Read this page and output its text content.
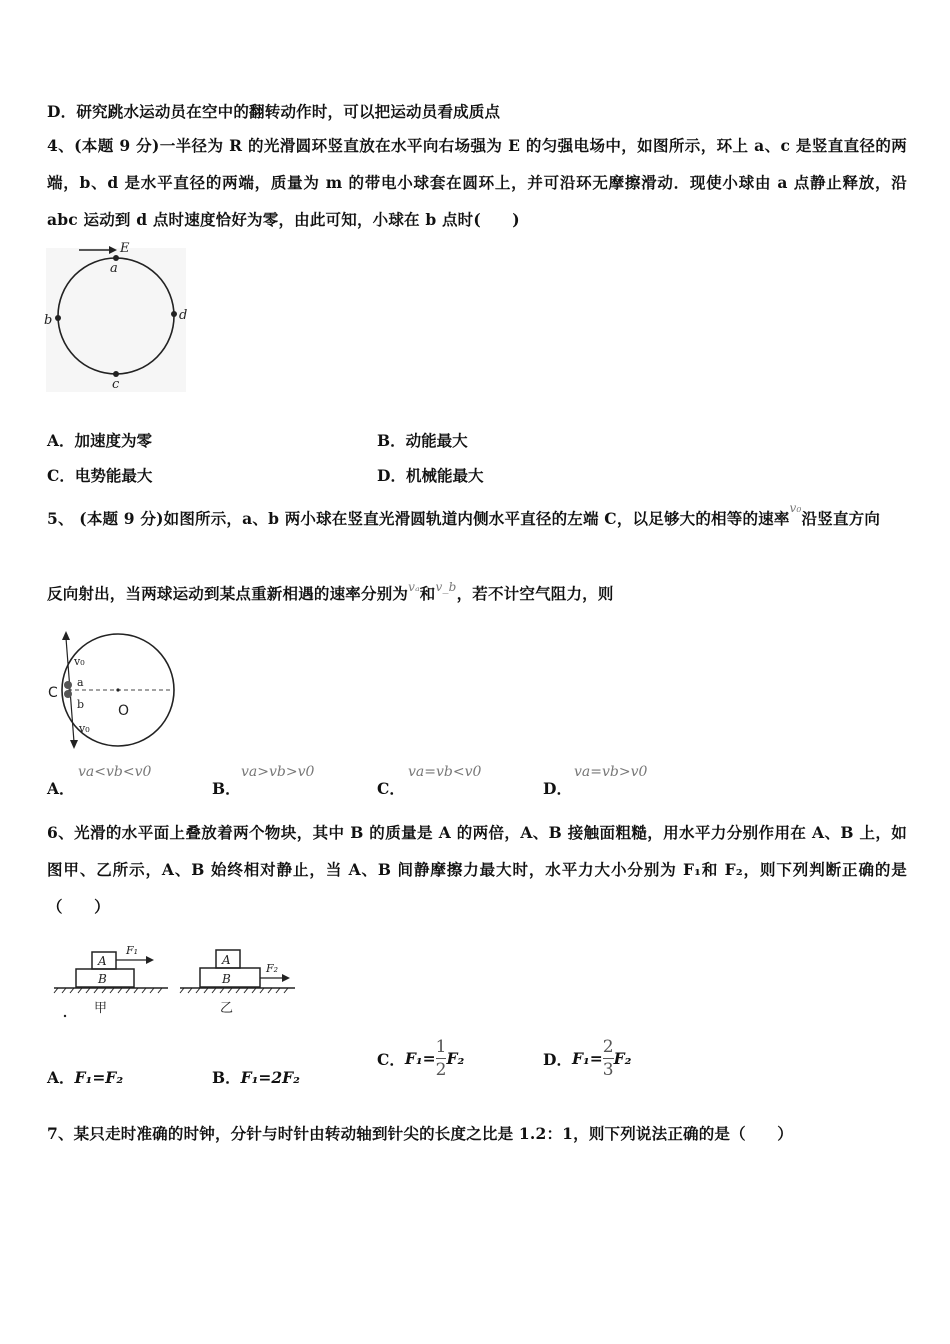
D．研究跳水运动员在空中的翻转动作时，可以把运动员看成质点
4、(本题 9 分)一半径为 R 的光滑圆环竖直放在水平向右场强为 E 的匀强电场中，如图所示，环上 a、c 是竖直直径的两端，b、d 是水平直径的两端，质量为 m 的带电小球套在圆环上，并可沿环无摩擦滑动．现使小球由 a 点静止释放，沿 abc 运动到 d 点时速度恰好为零，由此可知，小球在 b 点时(　　)
E
a
b	d
c
A．加速度为零	B．动能最大
C．电势能最大	D．机械能最大
5、 (本题 9 分)如图所示，a、b 两小球在竖直光滑圆轨道内侧水平直径的左端 C，以足够大的相等的速率$^{v_0}$沿竖直方向
反向射出，当两球运动到某点重新相遇的速率分别为$^{v_a}$和$^{v\_b}$，若不计空气阻力，则
v₀
a
b
C
O
v₀
A．
va<vb<v0
B．
va>vb>v0
C．
va=vb<v0
D．
va=vb>v0
6、光滑的水平面上叠放着两个物块，其中 B 的质量是 A 的两倍，A、B 接触面粗糙，用水平力分别作用在 A、B 上，如图甲、乙所示，A、B 始终相对静止，当 A、B 间静摩擦力最大时，水平力大小分别为 F₁和 F₂，则下列判断正确的是（　　）
A
B
F₁
甲
A
B
F₂
乙
A．F₁=F₂	B．F₁=2F₂
C．$F_1= \frac{1}{2} F_2$	D．$F_1= \frac{2}{3} F_2$
7、某只走时准确的时钟，分针与时针由转动轴到针尖的长度之比是 1.2：1，则下列说法正确的是（　　）
